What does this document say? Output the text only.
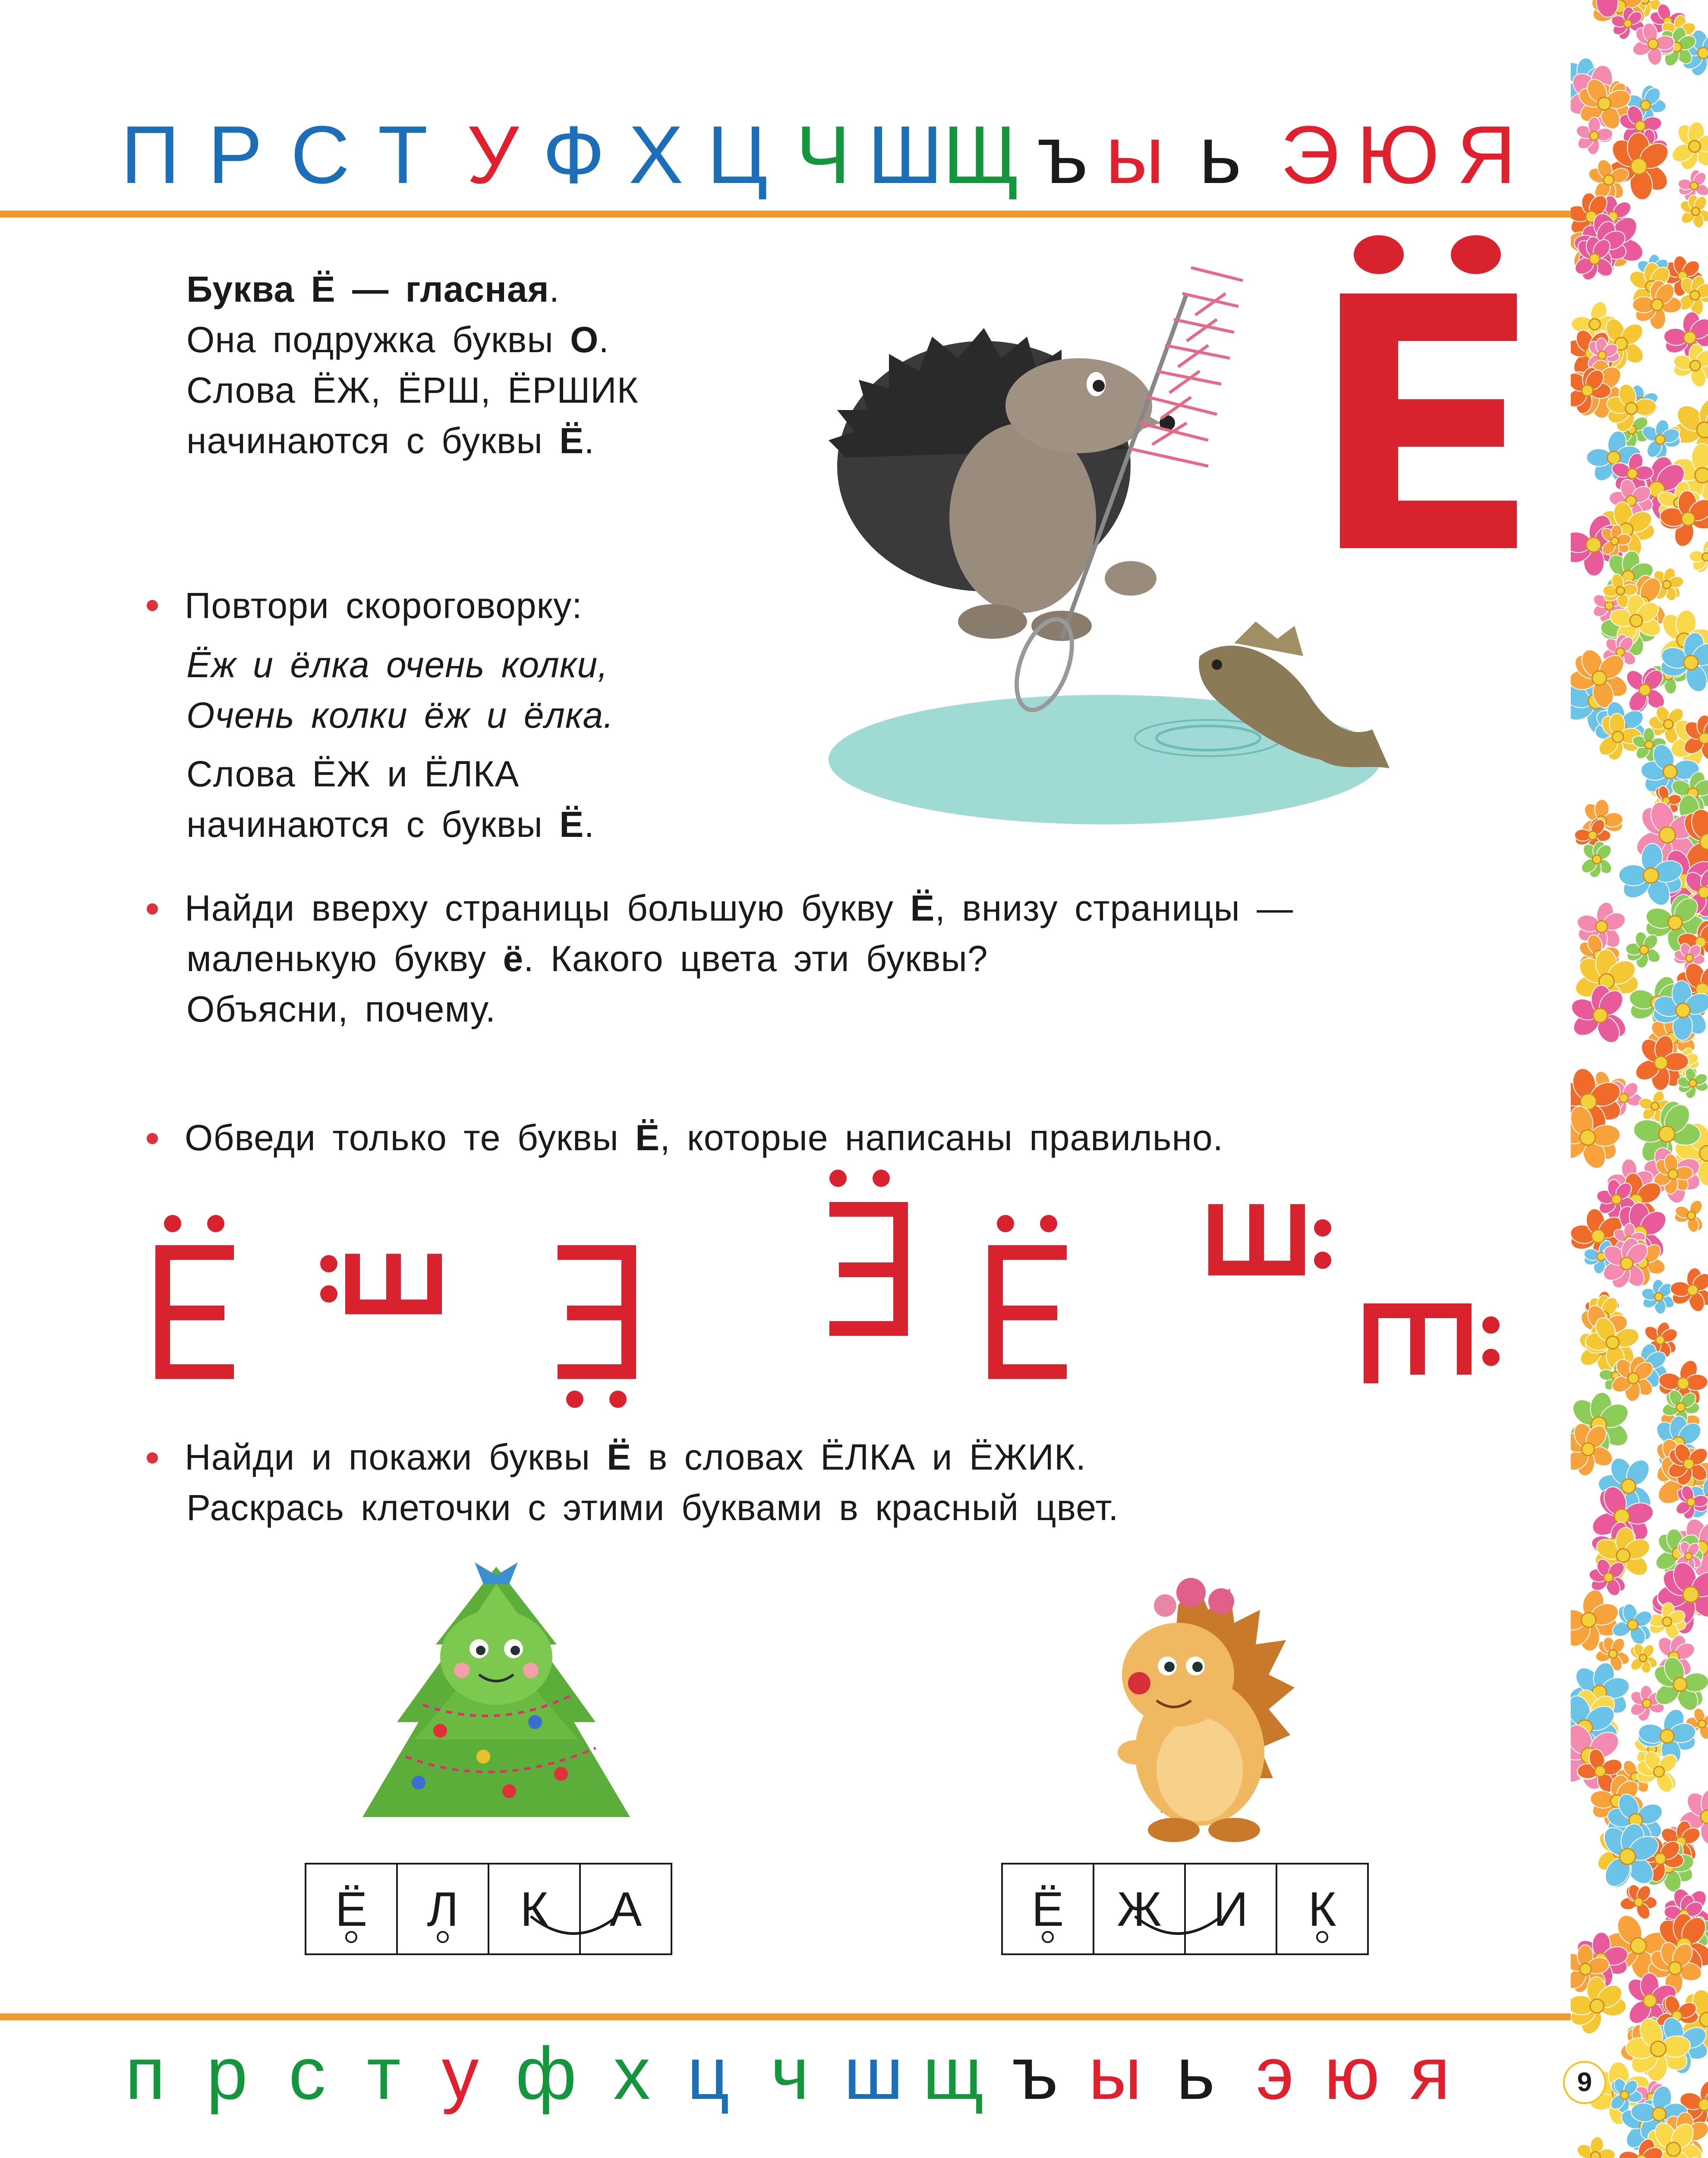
П Р С Т У Ф Х Ц Ч Ш Щ ъ ы ь Э Ю Я
Буква Ё — гласная.
Она подружка буквы О.
Слова ЁЖ, ЁРШ, ЁРШИК
начинаются с буквы Ё.
Повтори скороговорку:
Ёж и ёлка очень колки,
Очень колки ёж и ёлка.
Слова ЁЖ и ЁЛКА
начинаются с буквы Ё.
Найди вверху страницы большую букву Ё, внизу страницы —
маленькую букву ё. Какого цвета эти буквы?
Объясни, почему.
Обведи только те буквы Ё, которые написаны правильно.
Найди и покажи буквы Ё в словах ЁЛКА и ЁЖИК.
Раскрась клеточки с этими буквами в красный цвет.
Ё	Л	К	А	Ё	Ж	И	К
п р с т у ф х ц ч ш щ ъ ы ь э ю я	9
